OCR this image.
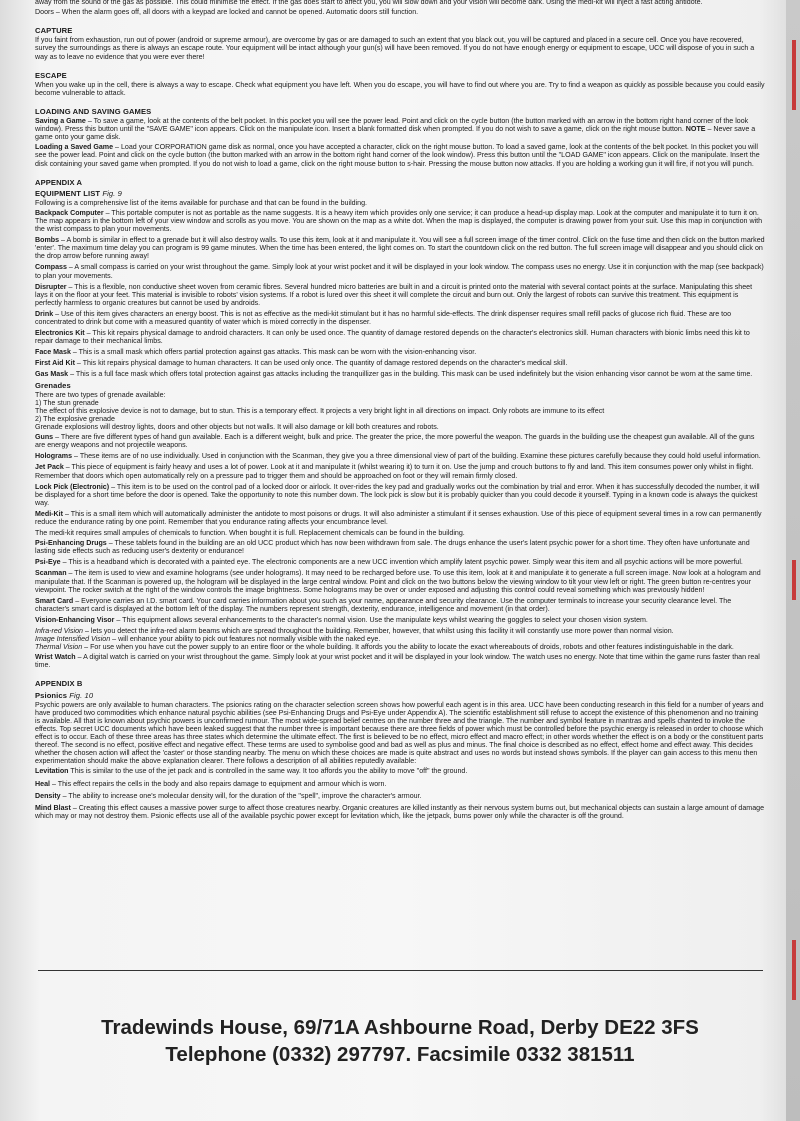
away from the sound of the gas as possible. This could minimise the effect. If the gas does start to affect you, you will slow down and your vision will become dark. Using the medi-kit will inject a fast acting antidote.

Doors – When the alarm goes off, all doors with a keypad are locked and cannot be opened. Automatic doors still function.

CAPTURE

If you faint from exhaustion, run out of power (android or supreme armour), are overcome by gas or are damaged to such an extent that you black out, you will be captured and placed in a secure cell. Once you have recovered, survey the surroundings as there is always an escape route. Your equipment will be intact although your gun(s) will have been removed. If you do not have enough energy or equipment to escape, UCC will dispose of you in such a way as to leave no evidence that you were ever there!

ESCAPE

When you wake up in the cell, there is always a way to escape. Check what equipment you have left. When you do escape, you will have to find out where you are. Try to find a weapon as quickly as possible because you could easily become vulnerable to attack.

LOADING AND SAVING GAMES

Saving a Game – To save a game, look at the contents of the belt pocket. In this pocket you will see the power lead. Point and click on the cycle button (the button marked with an arrow in the bottom right hand corner of the look window). Press this button until the "SAVE GAME" icon appears. Click on the manipulate icon. Insert a blank formatted disk when prompted. If you do not wish to save a game, click on the right mouse button. NOTE – Never save a game onto your game disk.

Loading a Saved Game – Load your CORPORATION game disk as normal, once you have accepted a character, click on the right mouse button. To load a saved game, look at the contents of the belt pocket. In this pocket you will see the power lead. Point and click on the cycle button (the button marked with an arrow in the bottom right hand corner of the look window). Press this button until the "LOAD GAME" icon appears. Click on the manipulate. Insert the disk containing your saved game when prompted. If you do not wish to load a game, click on the right mouse button to s-hair. Pressing the mouse button now attacks. If you are holding a working gun it will fire, if not you will punch.

APPENDIX A
EQUIPMENT LIST Fig. 9

Following is a comprehensive list of the items available for purchase and that can be found in the building.

Backpack Computer – This portable computer is not as portable as the name suggests. It is a heavy item which provides only one service; it can produce a head-up display map. Look at the computer and manipulate it to turn it on. The map appears in the bottom left of your view window and scrolls as you move. You are shown on the map as a white dot. When the map is displayed, the computer is drawing power from your suit. Use this map in conjunction with the wrist compass to plan your movements.

Bombs – A bomb is similar in effect to a grenade but it will also destroy walls. To use this item, look at it and manipulate it. You will see a full screen image of the timer control. Click on the fuse time and then click on the button marked 'enter'. The maximum time delay you can program is 99 game minutes. When the time has been entered, the light comes on. To start the countdown click on the red button. The full screen image will disappear and you should click on the drop arrow before running away!

Compass – A small compass is carried on your wrist throughout the game. Simply look at your wrist pocket and it will be displayed in your look window. The compass uses no energy. Use it in conjunction with the map (see backpack) to plan your movements.

Disrupter – This is a flexible, non conductive sheet woven from ceramic fibres. Several hundred micro batteries are built in and a circuit is printed onto the material with several contact points at the surface. Manipulating this sheet lays it on the floor at your feet. This material is invisible to robots' vision systems. If a robot is lured over this sheet it will complete the circuit and burn out. Only the largest of robots can survive this treatment. This equipment is perfectly harmless to organic creatures but cannot be used by androids.

Drink – Use of this item gives characters an energy boost. This is not as effective as the medi-kit stimulant but it has no harmful side-effects. The drink dispenser requires small refill packs of glucose rich fluid. These are too concentrated to drink but come with a measured quantity of water which is mixed correctly in the dispenser.

Electronics Kit – This kit repairs physical damage to android characters. It can only be used once. The quantity of damage restored depends on the character's electronics skill. Human characters with bionic limbs need this kit to repair damage to their mechanical limbs.

Face Mask – This is a small mask which offers partial protection against gas attacks. This mask can be worn with the vision-enhancing visor.

First Aid Kit – This kit repairs physical damage to human characters. It can be used only once. The quantity of damage restored depends on the character's medical skill.

Gas Mask – This is a full face mask which offers total protection against gas attacks including the tranquillizer gas in the building. This mask can be used indefinitely but the vision enhancing visor cannot be worn at the same time.

Grenades

There are two types of grenade available:

1) The stun grenade

The effect of this explosive device is not to damage, but to stun. This is a temporary effect. It projects a very bright light in all directions on impact. Only robots are immune to its effect

2) The explosive grenade

Grenade explosions will destroy lights, doors and other objects but not walls. It will also damage or kill both creatures and robots.

Guns – There are five different types of hand gun available. Each is a different weight, bulk and price. The greater the price, the more powerful the weapon. The guards in the building use the cheapest gun available. All of the guns are energy weapons and not projectile weapons.

Holograms – These items are of no use individually. Used in conjunction with the Scanman, they give you a three dimensional view of part of the building. Examine these pictures carefully because they could hold useful information.

Jet Pack – This piece of equipment is fairly heavy and uses a lot of power. Look at it and manipulate it (whilst wearing it) to turn it on. Use the jump and crouch buttons to fly and land. This item consumes power only whilst in flight. Remember that doors which open automatically rely on a pressure pad to trigger them and should be approached on foot or they will remain firmly closed.

Lock Pick (Electronic) – This item is to be used on the control pad of a locked door or airlock. It over-rides the key pad and gradually works out the combination by trial and error. When it has successfully decoded the number, it will be displayed for a short time before the door is opened. Take the opportunity to note this number down. The lock pick is slow but it is probably quicker than you could decode it yourself. Typing in a known code is always the quickest way.

Medi-Kit – This is a small item which will automatically administer the antidote to most poisons or drugs. It will also administer a stimulant if it senses exhaustion. Use of this piece of equipment several times in a row can permanently reduce the endurance rating by one point. Remember that you endurance rating affects your encumbrance level.

The medi-kit requires small ampules of chemicals to function. When bought it is full. Replacement chemicals can be found in the building.

Psi-Enhancing Drugs – These tablets found in the building are an old UCC product which has now been withdrawn from sale. The drugs enhance the user's latent psychic power for a short time. They often have unfortunate and lasting side effects such as reducing user's dexterity or endurance!

Psi-Eye – This is a headband which is decorated with a painted eye. The electronic components are a new UCC invention which amplify latent psychic power. Simply wear this item and all psychic actions will be more powerful.

Scanman – The item is used to view and examine holograms (see under holograms). It may need to be recharged before use. To use this item, look at it and manipulate it to generate a full screen image. Now look at a hologram and manipulate that. If the Scanman is powered up, the hologram will be displayed in the large central window. Point and click on the two buttons below the viewing window to tilt your view left or right. The green button re-centres your viewpoint. The rocker switch at the right of the window controls the image brightness. Some holograms may be over or under exposed and adjusting this control could reveal something which was previously hidden!

Smart Card – Everyone carries an I.D. smart card. Your card carries information about you such as your name, appearance and security clearance. Use the computer terminals to increase your security clearance level. The character's smart card is displayed at the bottom left of the display. The numbers represent strength, dexterity, endurance, intelligence and movement (in that order).

Vision-Enhancing Visor – This equipment allows several enhancements to the character's normal vision. Use the manipulate keys whilst wearing the goggles to select your chosen vision system.

Infra-red Vision – lets you detect the infra-red alarm beams which are spread throughout the building. Remember, however, that whilst using this facility it will constantly use more power than normal vision.

Image Intensified Vision – will enhance your ability to pick out features not normally visible with the naked eye.

Thermal Vision – For use when you have cut the power supply to an entire floor or the whole building. It affords you the ability to locate the exact whereabouts of droids, robots and other features indistinguishable in the dark.

Wrist Watch – A digital watch is carried on your wrist throughout the game. Simply look at your wrist pocket and it will be displayed in your look window. The watch uses no energy. Note that time within the game runs faster than real time.

APPENDIX B
Psionics Fig. 10

Psychic powers are only available to human characters. The psionics rating on the character selection screen shows how powerful each agent is in this area. UCC have been conducting research in this field for a number of years and have produced two commodities which enhance natural psychic abilities (see Psi-Enhancing Drugs and Psi-Eye under Appendix A). The scientific establishment still refuse to accept the existence of this phenomenon and no training is available. All that is known about psychic powers is unconfirmed rumour. The most wide-spread belief centres on the number three and the triangle. The number and symbol feature in mantras and spells chanted to invoke the effects. Top secret UCC documents which have been leaked suggest that the number three is important because there are three fields of power which must be controlled before the psychic energy is released in order to choose which effect is to occur. Each of these three areas has three states which determine the ultimate effect. The first is believed to be no effect, micro effect and macro effect; in other words whether the effect is on a body or the constituent parts thereof. The second is no effect, positive effect and negative effect. These terms are used to symbolise good and bad as well as plus and minus. The final choice is described as no effect, effect home and effect away. This decides whether the chosen action will affect the 'caster' or those standing nearby. The menu on which these choices are made is quite abstract and uses no words but instead shows symbols. If the player can gain access to this menu then experimentation should make the above explanation clearer. There follows a description of all abilities reputedly available:

Levitation This is similar to the use of the jet pack and is controlled in the same way. It too affords you the ability to move "off" the ground.

Heal – This effect repairs the cells in the body and also repairs damage to equipment and armour which is worn.

Density – The ability to increase one's molecular density will, for the duration of the "spell", improve the character's armour.

Mind Blast – Creating this effect causes a massive power surge to affect those creatures nearby. Organic creatures are killed instantly as their nervous system burns out, but mechanical objects can sustain a large amount of damage which may or may not destroy them. Psionic effects use all of the available psychic power except for levitation which, like the jetpack, burns power only while the character is off the ground.

Tradewinds House, 69/71A Ashbourne Road, Derby DE22 3FS
Telephone (0332) 297797. Facsimile 0332 381511
